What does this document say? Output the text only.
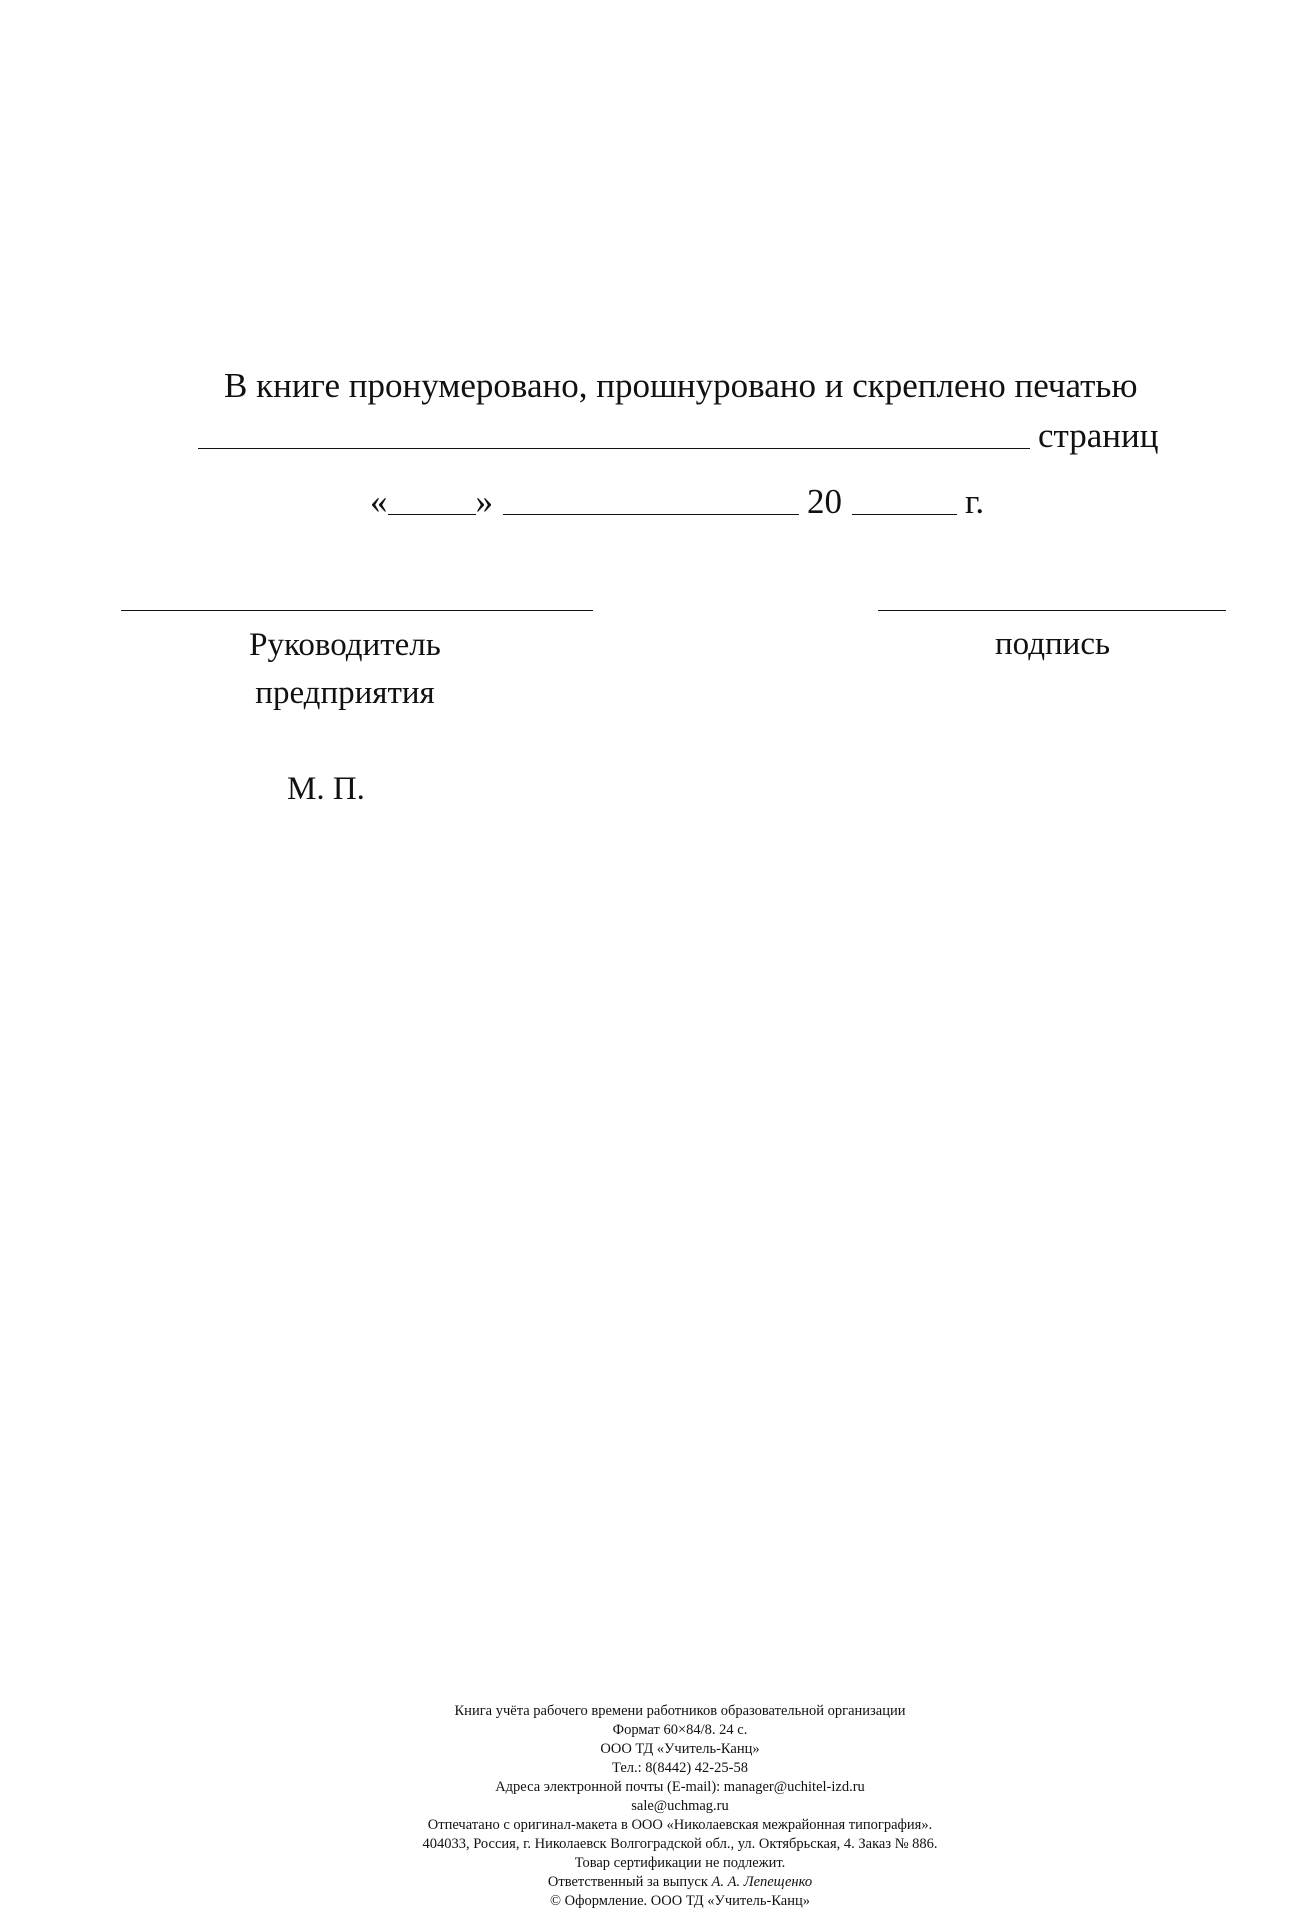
В книге пронумеровано, прошнуровано и скреплено печатью
страниц
«	»	20	г.
Руководитель
предприятия
подпись
М. П.
Книга учёта рабочего времени работников образовательной организации
Формат 60×84/8. 24 с.
ООО ТД «Учитель-Канц»
Тел.: 8(8442) 42-25-58
Адреса электронной почты (E-mail): manager@uchitel-izd.ru
sale@uchmag.ru
Отпечатано с оригинал-макета в ООО «Николаевская межрайонная типография».
404033, Россия, г. Николаевск Волгоградской обл., ул. Октябрьская, 4. Заказ № 886.
Товар сертификации не подлежит.
Ответственный за выпуск А. А. Лепещенко
© Оформление. ООО ТД «Учитель-Канц»
